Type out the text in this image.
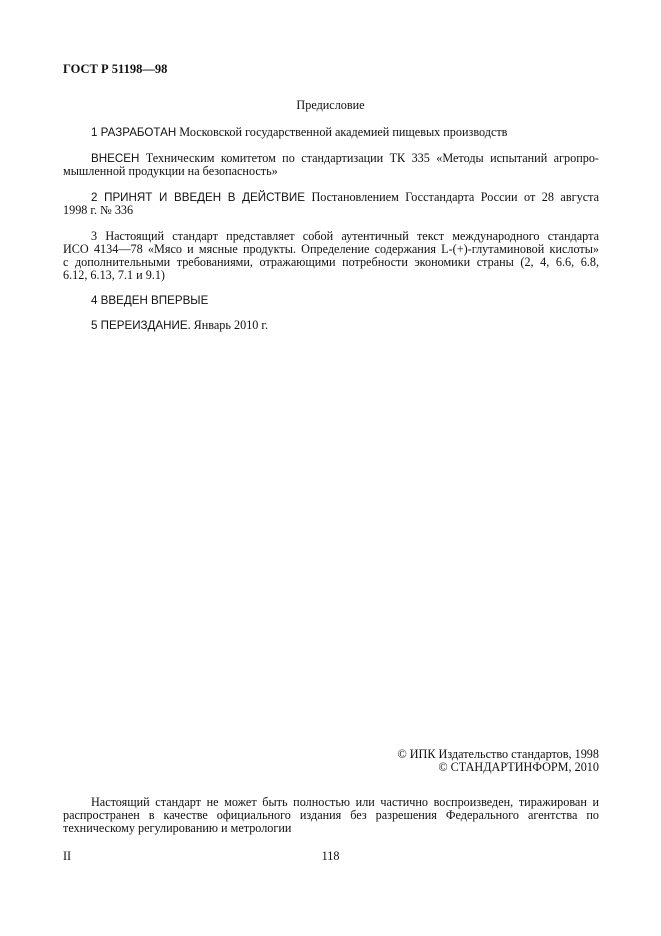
ГОСТ Р 51198—98
Предисловие
1 РАЗРАБОТАН Московской государственной академией пищевых производств
ВНЕСЕН Техническим комитетом по стандартизации ТК 335 «Методы испытаний агропро-
мышленной продукции на безопасность»
2 ПРИНЯТ И ВВЕДЕН В ДЕЙСТВИЕ Постановлением Госстандарта России от 28 августа
1998 г. № 336
3 Настоящий стандарт представляет собой аутентичный текст международного стандарта
ИСО 4134—78 «Мясо и мясные продукты. Определение содержания L-(+)-глутаминовой кислоты»
с дополнительными требованиями, отражающими потребности экономики страны (2, 4, 6.6, 6.8,
6.12, 6.13, 7.1 и 9.1)
4 ВВЕДЕН ВПЕРВЫЕ
5 ПЕРЕИЗДАНИЕ. Январь 2010 г.
© ИПК Издательство стандартов, 1998
© СТАНДАРТИНФОРМ, 2010
Настоящий стандарт не может быть полностью или частично воспроизведен, тиражирован и
распространен в качестве официального издания без разрешения Федерального агентства по
техническому регулированию и метрологии
II	118
